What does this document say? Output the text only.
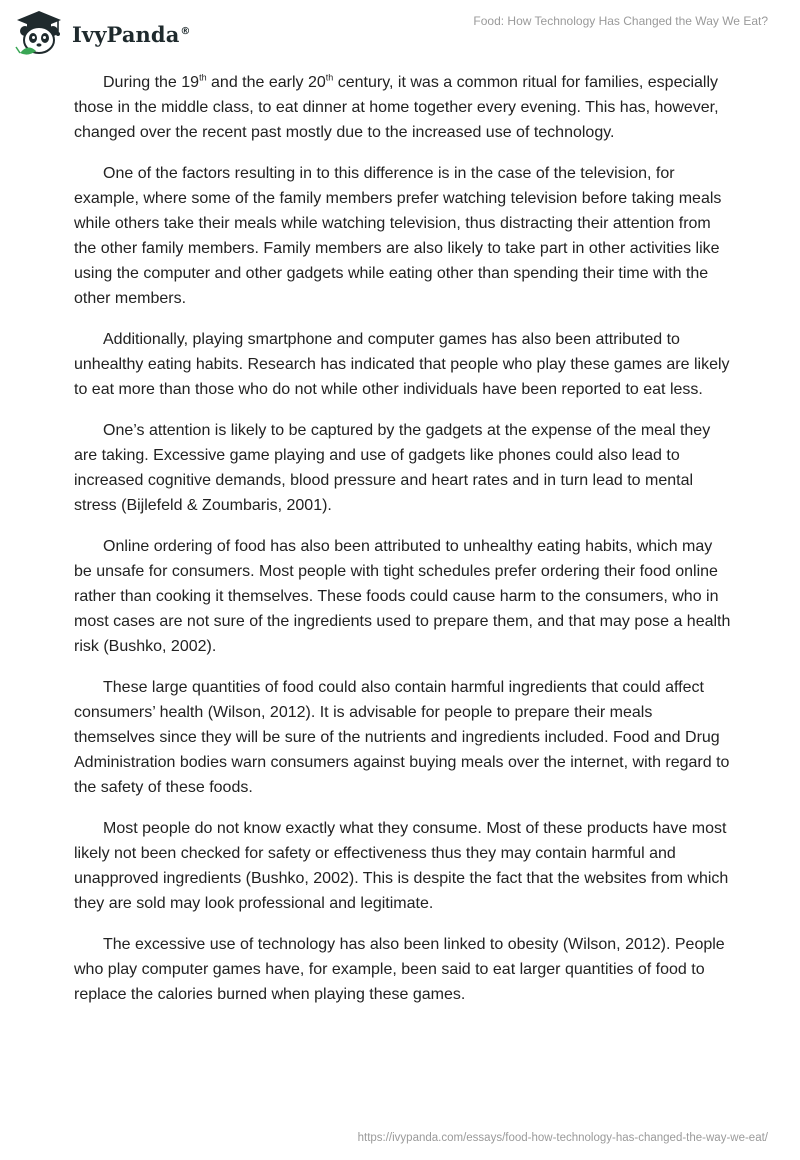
IvyPanda®
Food: How Technology Has Changed the Way We Eat?

During the 19th and the early 20th century, it was a common ritual for families, especially those in the middle class, to eat dinner at home together every evening. This has, however, changed over the recent past mostly due to the increased use of technology.

One of the factors resulting in to this difference is in the case of the television, for example, where some of the family members prefer watching television before taking meals while others take their meals while watching television, thus distracting their attention from the other family members. Family members are also likely to take part in other activities like using the computer and other gadgets while eating other than spending their time with the other members.

Additionally, playing smartphone and computer games has also been attributed to unhealthy eating habits. Research has indicated that people who play these games are likely to eat more than those who do not while other individuals have been reported to eat less.

One’s attention is likely to be captured by the gadgets at the expense of the meal they are taking. Excessive game playing and use of gadgets like phones could also lead to increased cognitive demands, blood pressure and heart rates and in turn lead to mental stress (Bijlefeld & Zoumbaris, 2001).

Online ordering of food has also been attributed to unhealthy eating habits, which may be unsafe for consumers. Most people with tight schedules prefer ordering their food online rather than cooking it themselves. These foods could cause harm to the consumers, who in most cases are not sure of the ingredients used to prepare them, and that may pose a health risk (Bushko, 2002).

These large quantities of food could also contain harmful ingredients that could affect consumers’ health (Wilson, 2012). It is advisable for people to prepare their meals themselves since they will be sure of the nutrients and ingredients included. Food and Drug Administration bodies warn consumers against buying meals over the internet, with regard to the safety of these foods.

Most people do not know exactly what they consume. Most of these products have most likely not been checked for safety or effectiveness thus they may contain harmful and unapproved ingredients (Bushko, 2002). This is despite the fact that the websites from which they are sold may look professional and legitimate.

The excessive use of technology has also been linked to obesity (Wilson, 2012). People who play computer games have, for example, been said to eat larger quantities of food to replace the calories burned when playing these games.

https://ivypanda.com/essays/food-how-technology-has-changed-the-way-we-eat/
